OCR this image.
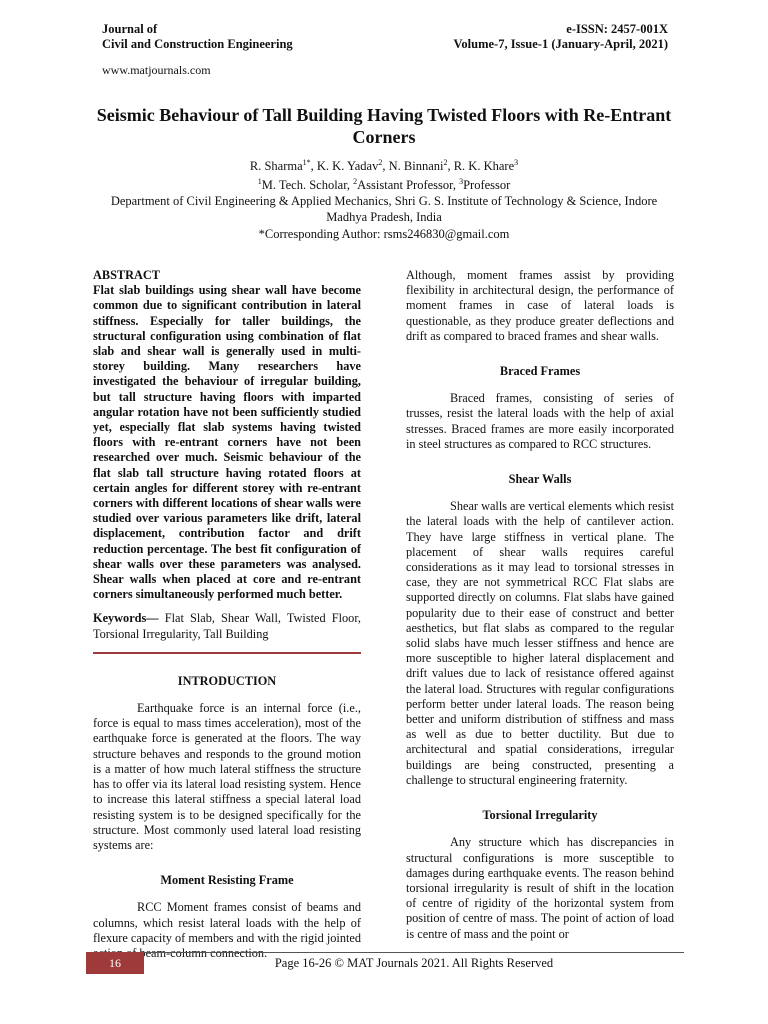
Journal of
Civil and Construction Engineering
e-ISSN: 2457-001X
Volume-7, Issue-1 (January-April, 2021)
www.matjournals.com
Seismic Behaviour of Tall Building Having Twisted Floors with Re-Entrant Corners
R. Sharma$^{1*}$, K. K. Yadav$^2$, N. Binnani$^2$, R. K. Khare$^3$
$^1$M. Tech. Scholar, $^2$Assistant Professor, $^3$Professor
Department of Civil Engineering & Applied Mechanics, Shri G. S. Institute of Technology & Science, Indore
Madhya Pradesh, India
*Corresponding Author: rsms246830@gmail.com

ABSTRACT

Flat slab buildings using shear wall have become common due to significant contribution in lateral stiffness. Especially for taller buildings, the structural configuration using combination of flat slab and shear wall is generally used in multi-storey building. Many researchers have investigated the behaviour of irregular building, but tall structure having floors with imparted angular rotation have not been sufficiently studied yet, especially flat slab systems having twisted floors with re-entrant corners have not been researched over much. Seismic behaviour of the flat slab tall structure having rotated floors at certain angles for different storey with re-entrant corners with different locations of shear walls were studied over various parameters like drift, lateral displacement, contribution factor and drift reduction percentage. The best fit configuration of shear walls over these parameters was analysed. Shear walls when placed at core and re-entrant corners simultaneously performed much better.

Keywords— Flat Slab, Shear Wall, Twisted Floor, Torsional Irregularity, Tall Building

INTRODUCTION

Earthquake force is an internal force (i.e., force is equal to mass times acceleration), most of the earthquake force is generated at the floors. The way structure behaves and responds to the ground motion is a matter of how much lateral stiffness the structure has to offer via its lateral load resisting system. Hence to increase this lateral stiffness a special lateral load resisting system is to be designed specifically for the structure. Most commonly used lateral load resisting systems are:

Moment Resisting Frame

RCC Moment frames consist of beams and columns, which resist lateral loads with the help of flexure capacity of members and with the rigid jointed

Although, moment frames assist by providing flexibility in architectural design, the performance of moment frames in case of lateral loads is questionable, as they produce greater deflections and drift as compared to braced frames and shear walls.

Braced Frames

Braced frames, consisting of series of trusses, resist the lateral loads with the help of axial stresses. Braced frames are more easily incorporated in steel structures as compared to RCC structures.

Shear Walls

Shear walls are vertical elements which resist the lateral loads with the help of cantilever action. They have large stiffness in vertical plane. The placement of shear walls requires careful considerations as it may lead to torsional stresses in case, they are not symmetrical RCC Flat slabs are supported directly on columns. Flat slabs have gained popularity due to their ease of construct and better aesthetics, but flat slabs as compared to the regular solid slabs have much lesser stiffness and hence are more susceptible to higher lateral displacement and drift values due to lack of resistance offered against the lateral load. Structures with regular configurations perform better under lateral loads. The reason being better and uniform distribution of stiffness and mass as well as due to better ductility. But due to architectural and spatial considerations, irregular buildings are being constructed, presenting a challenge to structural engineering fraternity.

Torsional Irregularity

Any structure which has discrepancies in structural configurations is more susceptible to damages during earthquake events. The reason behind torsional irregularity is result of shift in the location of centre of rigidity of the horizontal system from position of centre of mass. The point of action of load is centre of mass and the point or

16	Page 16-26 © MAT Journals 2021. All Rights Reserved
